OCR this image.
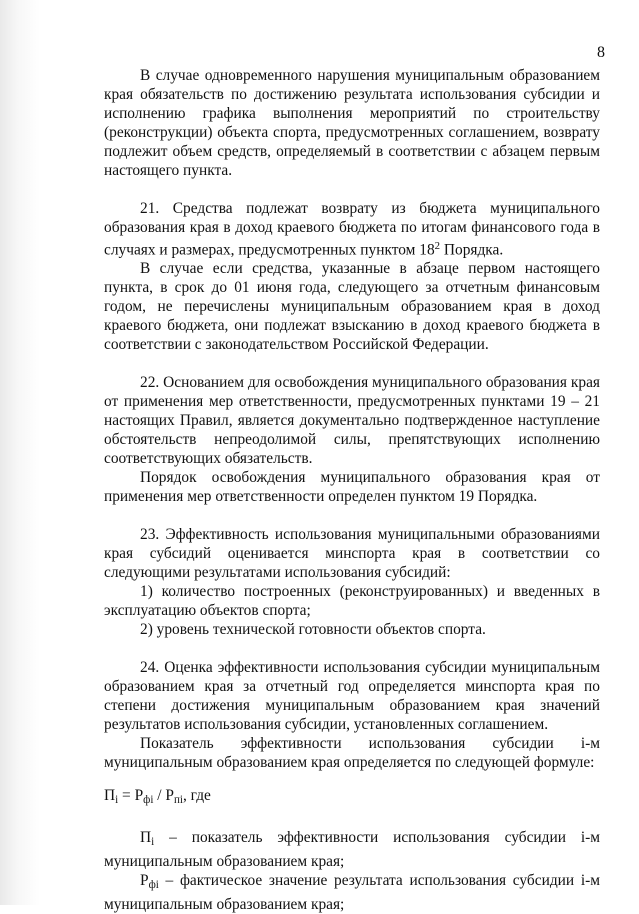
8

В случае одновременного нарушения муниципальным образованием края обязательств по достижению результата использования субсидии и исполнению графика выполнения мероприятий по строительству (реконструкции) объекта спорта, предусмотренных соглашением, возврату подлежит объем средств, определяемый в соответствии с абзацем первым настоящего пункта.

21. Средства подлежат возврату из бюджета муниципального образования края в доход краевого бюджета по итогам финансового года в случаях и размерах, предусмотренных пунктом $18^2$ Порядка.

В случае если средства, указанные в абзаце первом настоящего пункта, в срок до 01 июня года, следующего за отчетным финансовым годом, не перечислены муниципальным образованием края в доход краевого бюджета, они подлежат взысканию в доход краевого бюджета в соответствии с законодательством Российской Федерации.

22. Основанием для освобождения муниципального образования края от применения мер ответственности, предусмотренных пунктами 19 – 21 настоящих Правил, является документально подтвержденное наступление обстоятельств непреодолимой силы, препятствующих исполнению соответствующих обязательств.

Порядок освобождения муниципального образования края от применения мер ответственности определен пунктом 19 Порядка.

23. Эффективность использования муниципальными образованиями края субсидий оценивается минспорта края в соответствии со следующими результатами использования субсидий:

1) количество построенных (реконструированных) и введенных в эксплуатацию объектов спорта;

2) уровень технической готовности объектов спорта.

24. Оценка эффективности использования субсидии муниципальным образованием края за отчетный год определяется минспорта края по степени достижения муниципальным образованием края значений результатов использования субсидии, установленных соглашением.

Показатель эффективности использования субсидии i-м муниципальным образованием края определяется по следующей формуле:

$П_i = Р_{фi} / Р_{пi}$, где

$П_i$ – показатель эффективности использования субсидии i-м муниципальным образованием края;

$Р_{фi}$ – фактическое значение результата использования субсидии i-м муниципальным образованием края;
